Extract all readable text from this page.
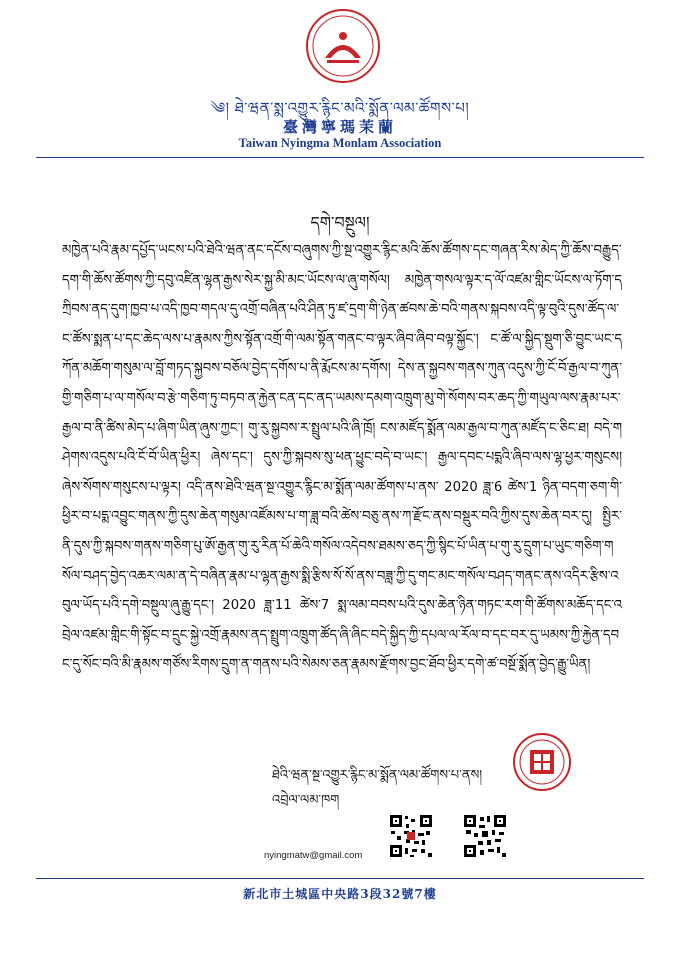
༄། ཐེ་ཝན་སྨ་འགྱུར་རྙིང་མའི་སྨོན་ལམ་ཚོགས་པ།
臺灣寧瑪茉蘭
Taiwan Nyingma Monlam Association
དགེ་བསྔུལ།

མཁྱེན་པའི་རྣམ་དཔྱོད་ཡངས་པའི་ཐེའི་ཝན་ནང་དངོས་བཞུགས་ཀྱི་སྔ་འགྱུར་རྙིང་མའི་ཆོས་ཚོགས་དང་གཞན་རིས་མེད་ཀྱི་ཆོས་བརྒྱུད་དག་གི་ཆོས་ཚོགས་ཀྱི་དབུ་འཛིན་ལྷན་རྒྱས་སེར་སྐྱ་མི་མང་ཡོངས་ལ་ཞུ་གསོལ། མཁྱེན་གསལ་ལྟར་ད་ལོ་འཛམ་གླིང་ཡོངས་ལ་ཏོག་དཀྲིབས་ནད་དུག་ཁྱབ་པ་འདི་ཁྱབ་གདལ་དུ་འགྲོ་བཞིན་པའི་ཤིན་ཏུ་ཛ་དྲག་གི་ཉེན་ཚབས་ཆེ་བའི་གནས་སྐབས་འདི་ལྟ་བུའི་དུས་ཚོད་ལ་ང་ཚོས་སྨན་པ་དང་ཆེད་ལས་པ་རྣམས་ཀྱིས་སྟོན་འགྲོ་གི་ལམ་སྟོན་གནང་བ་ལྟར་ཞིབ་ཞིབ་བལྟ་སྐྱོང་། ང་ཚོ་ལ་སྐྱིད་སྡུག་ཅི་བྱུང་ཡང་དཀོན་མཆོག་གསུམ་ལ་བློ་གཏད་སྐྱབས་བཅོལ་བྱེད་དགོས་པ་ནི་རྨོངས་མ་དགོས། དེས་ན་སྐྱབས་གནས་ཀུན་འདུས་ཀྱི་ངོ་བོ་རྒྱལ་བ་ཀུན་གྱི་གཅིག་པ་ལ་གསོལ་བ་རྩེ་གཅིག་ཏུ་བཏབ་ན་རྐྱེན་ངན་དང་ནད་ཡམས་དམག་འཁྲུག་མུ་གེ་སོགས་བར་ཆད་ཀྱི་གཡུལ་ལས་རྣམ་པར་རྒྱལ་བ་ནི་ཚིས་མེད་པ་ཞིག་ཡིན་ཞུས་ཀྱང་། གུ་རུ་སྐྱབས་ར་སྤྲུལ་པའི་ཞི་ཁྲོ། ངས་མཛོད་སྨོན་ལམ་རྒྱལ་བ་ཀུན་མཛོད་ང་ཅིང་ཐ། བདེ་གཤེགས་འདུས་པའི་ངོ་བོ་ཡིན་ཕྱིར། ཞེས་དང་། དུས་ཀྱི་སྐབས་སུ་ཕན་ཕྱུང་བདེ་བ་ཡང་། རྒྱལ་དབང་པདྨའི་ཞིབ་ལས་ལྷ་ཕྱར་གསུངས། ཞེས་སོགས་གསུངས་པ་ལྟར། འདི་ནས་ཐེའི་ཝན་སྔ་འགྱུར་རྙིང་མ་སྨོན་ལམ་ཚོགས་པ་ནས་ 2020 ཟླ་6 ཚེས་1 ཉིན་བདག་ཅག་གི་ཕྱིར་བ་པདྨ་འབྱུང་གནས་ཀྱི་དུས་ཆེན་གསུམ་འཛོམས་པ་ག་ཟླ་བའི་ཚེས་བཅུ་ནས་ཀ་རྫོང་ནས་བསྡུར་བའི་ཀྱིས་དུས་ཆེན་བར་དུ། སྤྱིར་ནི་དུས་ཀྱི་སྐབས་གནས་གཅིག་པུ་ཨོ་རྒྱན་གུ་རུ་རིན་པོ་ཆེའི་གསོལ་འདེབས་ཐམས་ཅད་ཀྱི་སྙིང་པོ་ཡིན་པ་གུ་རུ་དྲུག་པ་ཡུང་གཅིག་གསོལ་བཤད་བྱེད་འཆར་ལམ་ན་དེ་བཞིན་རྣམ་པ་ལྷན་རྒྱས་སྨི་རྩིས་སོ་སོ་ནས་བཟླ་ཀྱི་དུ་གང་མང་གསོལ་བཤད་གནང་ནས་འདིར་རྩིས་འབུལ་ཡོད་པའི་དགེ་བསྔུལ་ཞུ་རྒྱུ་དང་། 2020 ཟླ་11 ཚེས་7 སྨ་ལམ་བབས་པའི་དུས་ཆེན་ཉིན་གཏང་རག་གི་ཚོགས་མཆོད་དང་འབྲེལ་འཛམ་གླིང་གི་སྟོང་བ་དྲུང་སྐྱེ་འགྲོ་རྣམས་ནད་སྤྲུག་འཁྲུག་ཚོད་ཞི་ཞིང་བདེ་སྐྱིད་ཀྱི་དཔལ་ལ་རོལ་བ་དང་བར་དུ་ཡམས་ཀྱི་རྐྱེན་དབང་དུ་སོང་བའི་མི་རྣམས་གཙོས་རིགས་དྲུག་ན་གནས་པའི་སེམས་ཅན་རྣམས་རྫོགས་བྱང་ཐོབ་ཕྱིར་དགེ་ཚ་བསྔོ་སྨོན་བྱེད་རྒྱུ་ཡིན།

ཐེའི་ཝན་སྔ་འགྱུར་རྙིང་མ་སྨོན་ལམ་ཚོགས་པ་ནས།
འབྲེལ་ལམ་ཁག
nyingmatw@gmail.com
新北市土城區中央路3段32號7樓
